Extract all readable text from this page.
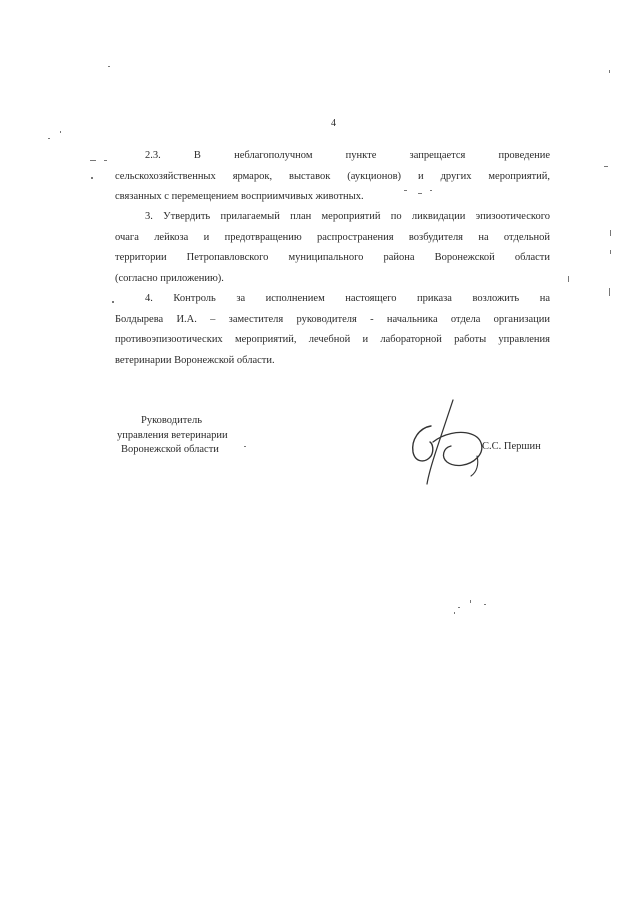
4
2.3. В неблагополучном пункте запрещается проведение
сельскохозяйственных ярмарок, выставок (аукционов) и других мероприятий,
связанных с перемещением восприимчивых животных.
3. Утвердить прилагаемый план мероприятий по ликвидации эпизоотического
очага лейкоза и предотвращению распространения возбудителя на отдельной
территории Петропавловского муниципального района Воронежской области
(согласно приложению).
4. Контроль за исполнением настоящего приказа возложить на
Болдырева И.А. – заместителя руководителя - начальника отдела организации
противоэпизоотических мероприятий, лечебной и лабораторной работы управления
ветеринарии Воронежской области.
Руководитель
управления ветеринарии
Воронежской области	С.С. Першин
